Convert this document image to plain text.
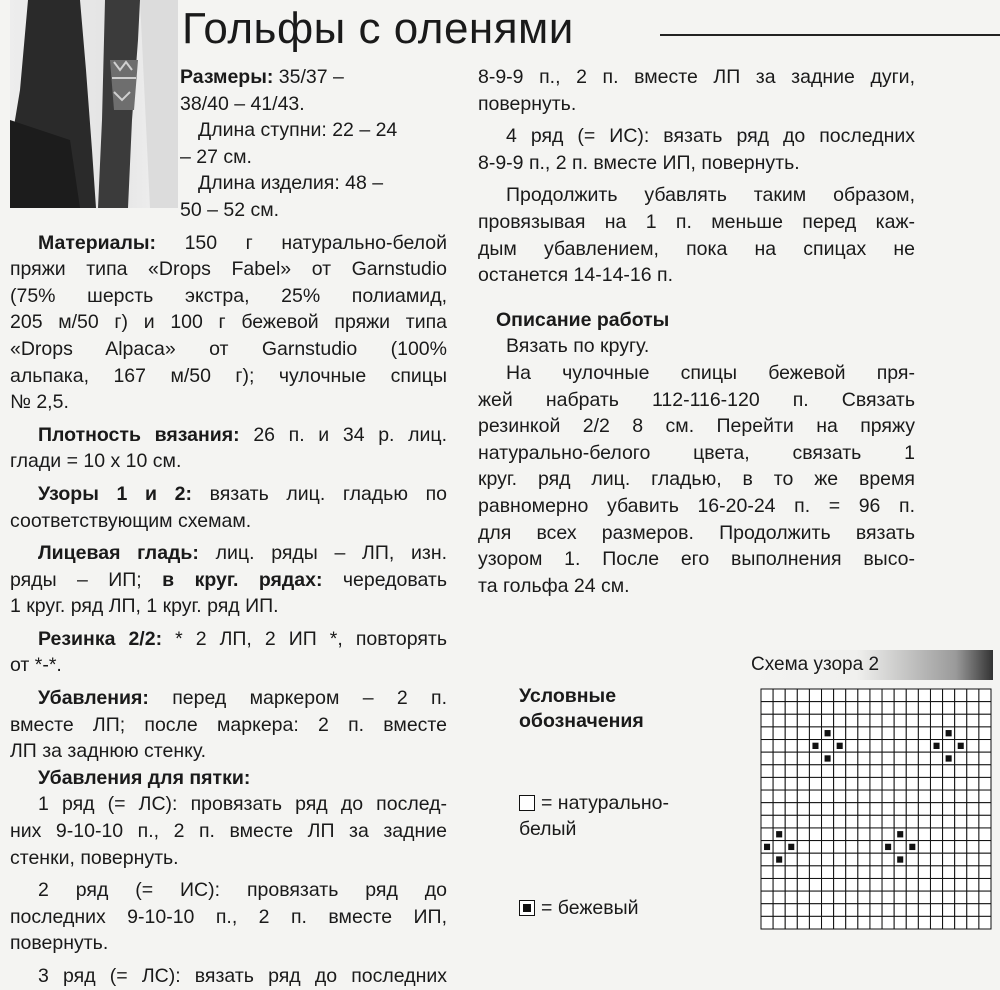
Гольфы с оленями

Размеры: 35/37 –

38/40 – 41/43.

Длина ступни: 22 – 24

– 27 см.

Длина изделия: 48 –

50 – 52 см.

Материалы: 150 г натурально-белой

пряжи типа «Drops Fabel» от Garnstudio

(75% шерсть экстра, 25% полиамид,

205 м/50 г) и 100 г бежевой пряжи типа

«Drops Alpaca» от Garnstudio (100%

альпака, 167 м/50 г); чулочные спицы

№ 2,5.

Плотность вязания: 26 п. и 34 р. лиц.

глади = 10 х 10 см.

Узоры 1 и 2: вязать лиц. гладью по

соответствующим схемам.

Лицевая гладь: лиц. ряды – ЛП, изн.

ряды – ИП; в круг. рядах: чередовать

1 круг. ряд ЛП, 1 круг. ряд ИП.

Резинка 2/2: * 2 ЛП, 2 ИП *, повторять

от *-*.

Убавления: перед маркером – 2 п.

вместе ЛП; после маркера: 2 п. вместе

ЛП за заднюю стенку.

Убавления для пятки:

1 ряд (= ЛС): провязать ряд до послед-

них 9-10-10 п., 2 п. вместе ЛП за задние

стенки, повернуть.

2 ряд (= ИС): провязать ряд до

последних 9-10-10 п., 2 п. вместе ИП,

повернуть.

3 ряд (= ЛС): вязать ряд до последних

8-9-9 п., 2 п. вместе ЛП за задние дуги,

повернуть.

4 ряд (= ИС): вязать ряд до последних

8-9-9 п., 2 п. вместе ИП, повернуть.

Продолжить убавлять таким образом,

провязывая на 1 п. меньше перед каж-

дым убавлением, пока на спицах не

останется 14-14-16 п.

Описание работы

Вязать по кругу.

На чулочные спицы бежевой пря-

жей набрать 112-116-120 п. Связать

резинкой 2/2 8 см. Перейти на пряжу

натурально-белого цвета, связать 1

круг. ряд лиц. гладью, в то же время

равномерно убавить 16-20-24 п. = 96 п.

для всех размеров. Продолжить вязать

узором 1. После его выполнения высо-

та гольфа 24 см.

Условные
обозначения
= натурально-
белый
= бежевый
Схема узора 2
